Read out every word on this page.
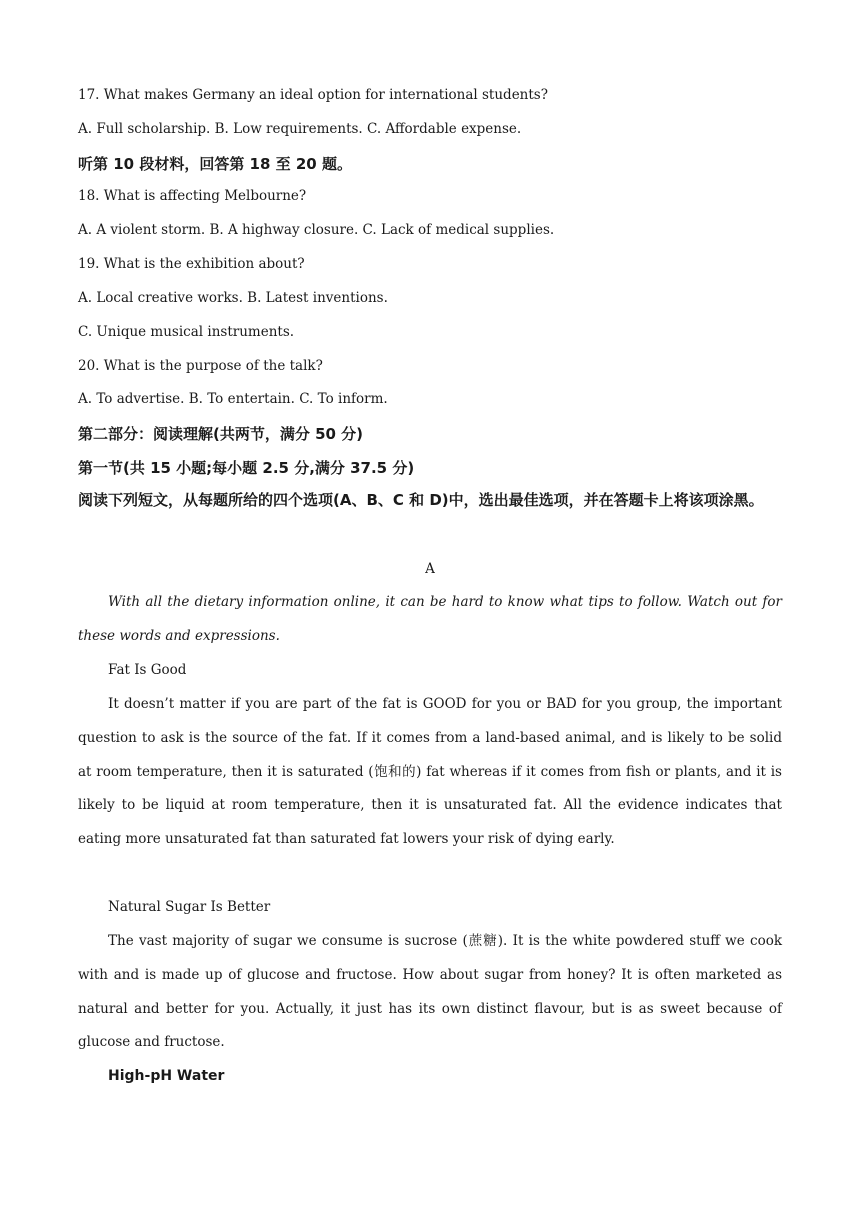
17. What makes Germany an ideal option for international students?
A. Full scholarship. B. Low requirements. C. Affordable expense.
听第 10 段材料，回答第 18 至 20 题。
18. What is affecting Melbourne?
A. A violent storm. B. A highway closure. C. Lack of medical supplies.
19. What is the exhibition about?
A. Local creative works. B. Latest inventions.
C. Unique musical instruments.
20. What is the purpose of the talk?
A. To advertise. B. To entertain. C. To inform.
第二部分：阅读理解(共两节，满分 50 分)
第一节(共 15 小题;每小题 2.5 分,满分 37.5 分)
阅读下列短文，从每题所给的四个选项(A、B、C 和 D)中，选出最佳选项，并在答题卡上将该项涂黑。
A
With all the dietary information online, it can be hard to know what tips to follow. Watch out for these words and expressions.
Fat Is Good
It doesn’t matter if you are part of the fat is GOOD for you or BAD for you group, the important question to ask is the source of the fat. If it comes from a land-based animal, and is likely to be solid at room temperature, then it is saturated (饱和的) fat whereas if it comes from fish or plants, and it is likely to be liquid at room temperature, then it is unsaturated fat. All the evidence indicates that eating more unsaturated fat than saturated fat lowers your risk of dying early.
Natural Sugar Is Better
The vast majority of sugar we consume is sucrose (蔗糖). It is the white powdered stuff we cook with and is made up of glucose and fructose. How about sugar from honey? It is often marketed as natural and better for you. Actually, it just has its own distinct flavour, but is as sweet because of glucose and fructose.
High-pH Water
